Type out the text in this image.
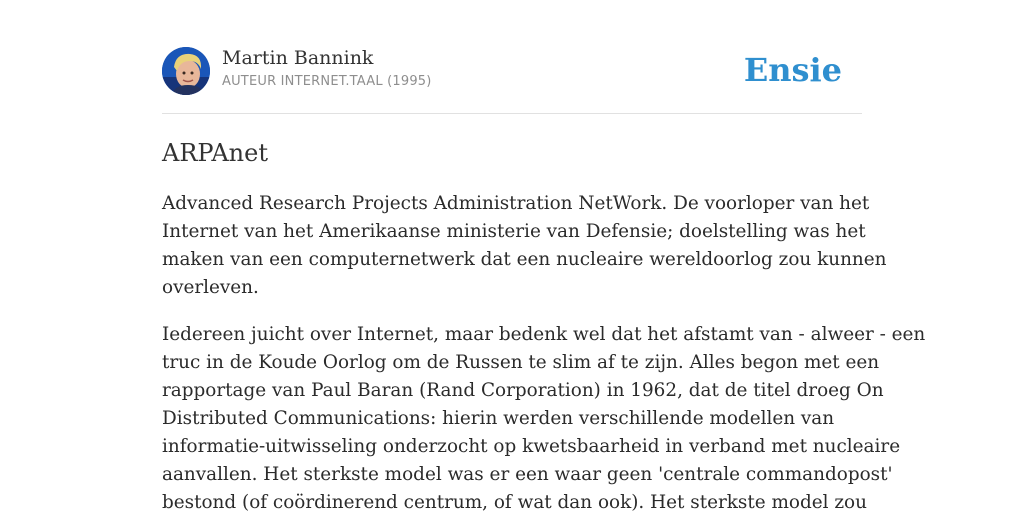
Martin Bannink
AUTEUR INTERNET.TAAL (1995)	Ensie
ARPAnet

Advanced Research Projects Administration NetWork. De voorloper van het
Internet van het Amerikaanse ministerie van Defensie; doelstelling was het
maken van een computernetwerk dat een nucleaire wereldoorlog zou kunnen
overleven.

Iedereen juicht over Internet, maar bedenk wel dat het afstamt van - alweer - een
truc in de Koude Oorlog om de Russen te slim af te zijn. Alles begon met een
rapportage van Paul Baran (Rand Corporation) in 1962, dat de titel droeg On
Distributed Communications: hierin werden verschillende modellen van
informatie-uitwisseling onderzocht op kwetsbaarheid in verband met nucleaire
aanvallen. Het sterkste model was er een waar geen 'centrale commandopost'
bestond (of coördinerend centrum, of wat dan ook). Het sterkste model zou
